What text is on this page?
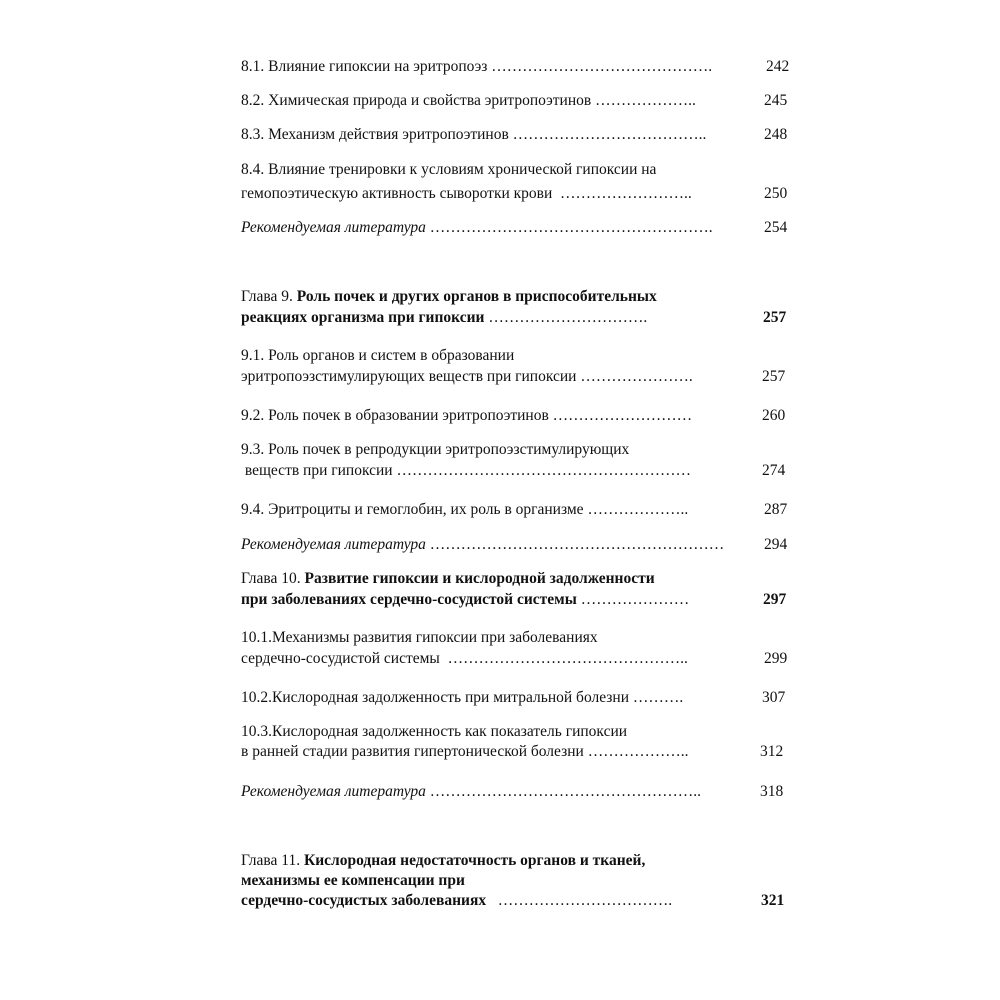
8.1. Влияние гипоксии на эритропоэз …………………………………….	242
8.2. Химическая природа и свойства эритропоэтинов ………………..	245
8.3. Механизм действия эритропоэтинов ………………………………..	248
8.4. Влияние тренировки к условиям хронической гипоксии на
гемопоэтическую активность сыворотки крови  ……………………..	250
Рекомендуемая литература ……………………………………………….	254
Глава 9. Роль почек и других органов в приспособительных
реакциях организма при гипоксии ………………………….	257
9.1. Роль органов и систем в образовании
эритропоэзстимулирующих веществ при гипоксии ………………….	257
9.2. Роль почек в образовании эритропоэтинов ………………………	260
9.3. Роль почек в репродукции эритропоэзстимулирующих
веществ при гипоксии …………………………………………………	274
9.4. Эритроциты и гемоглобин, их роль в организме ………………..	287
Рекомендуемая литература …………………………………………………	294
Глава 10. Развитие гипоксии и кислородной задолженности
при заболеваниях сердечно-сосудистой системы …………………	297
10.1.Механизмы развития гипоксии при заболеваниях
сердечно-сосудистой системы  ………………………………………..	299
10.2.Кислородная задолженность при митральной болезни ……….	307
10.3.Кислородная задолженность как показатель гипоксии
в ранней стадии развития гипертонической болезни ………………..	312
Рекомендуемая литература ……………………………………………..	318
Глава 11. Кислородная недостаточность органов и тканей,
механизмы ее компенсации при
сердечно-сосудистых заболеваниях   …………………………….	321
